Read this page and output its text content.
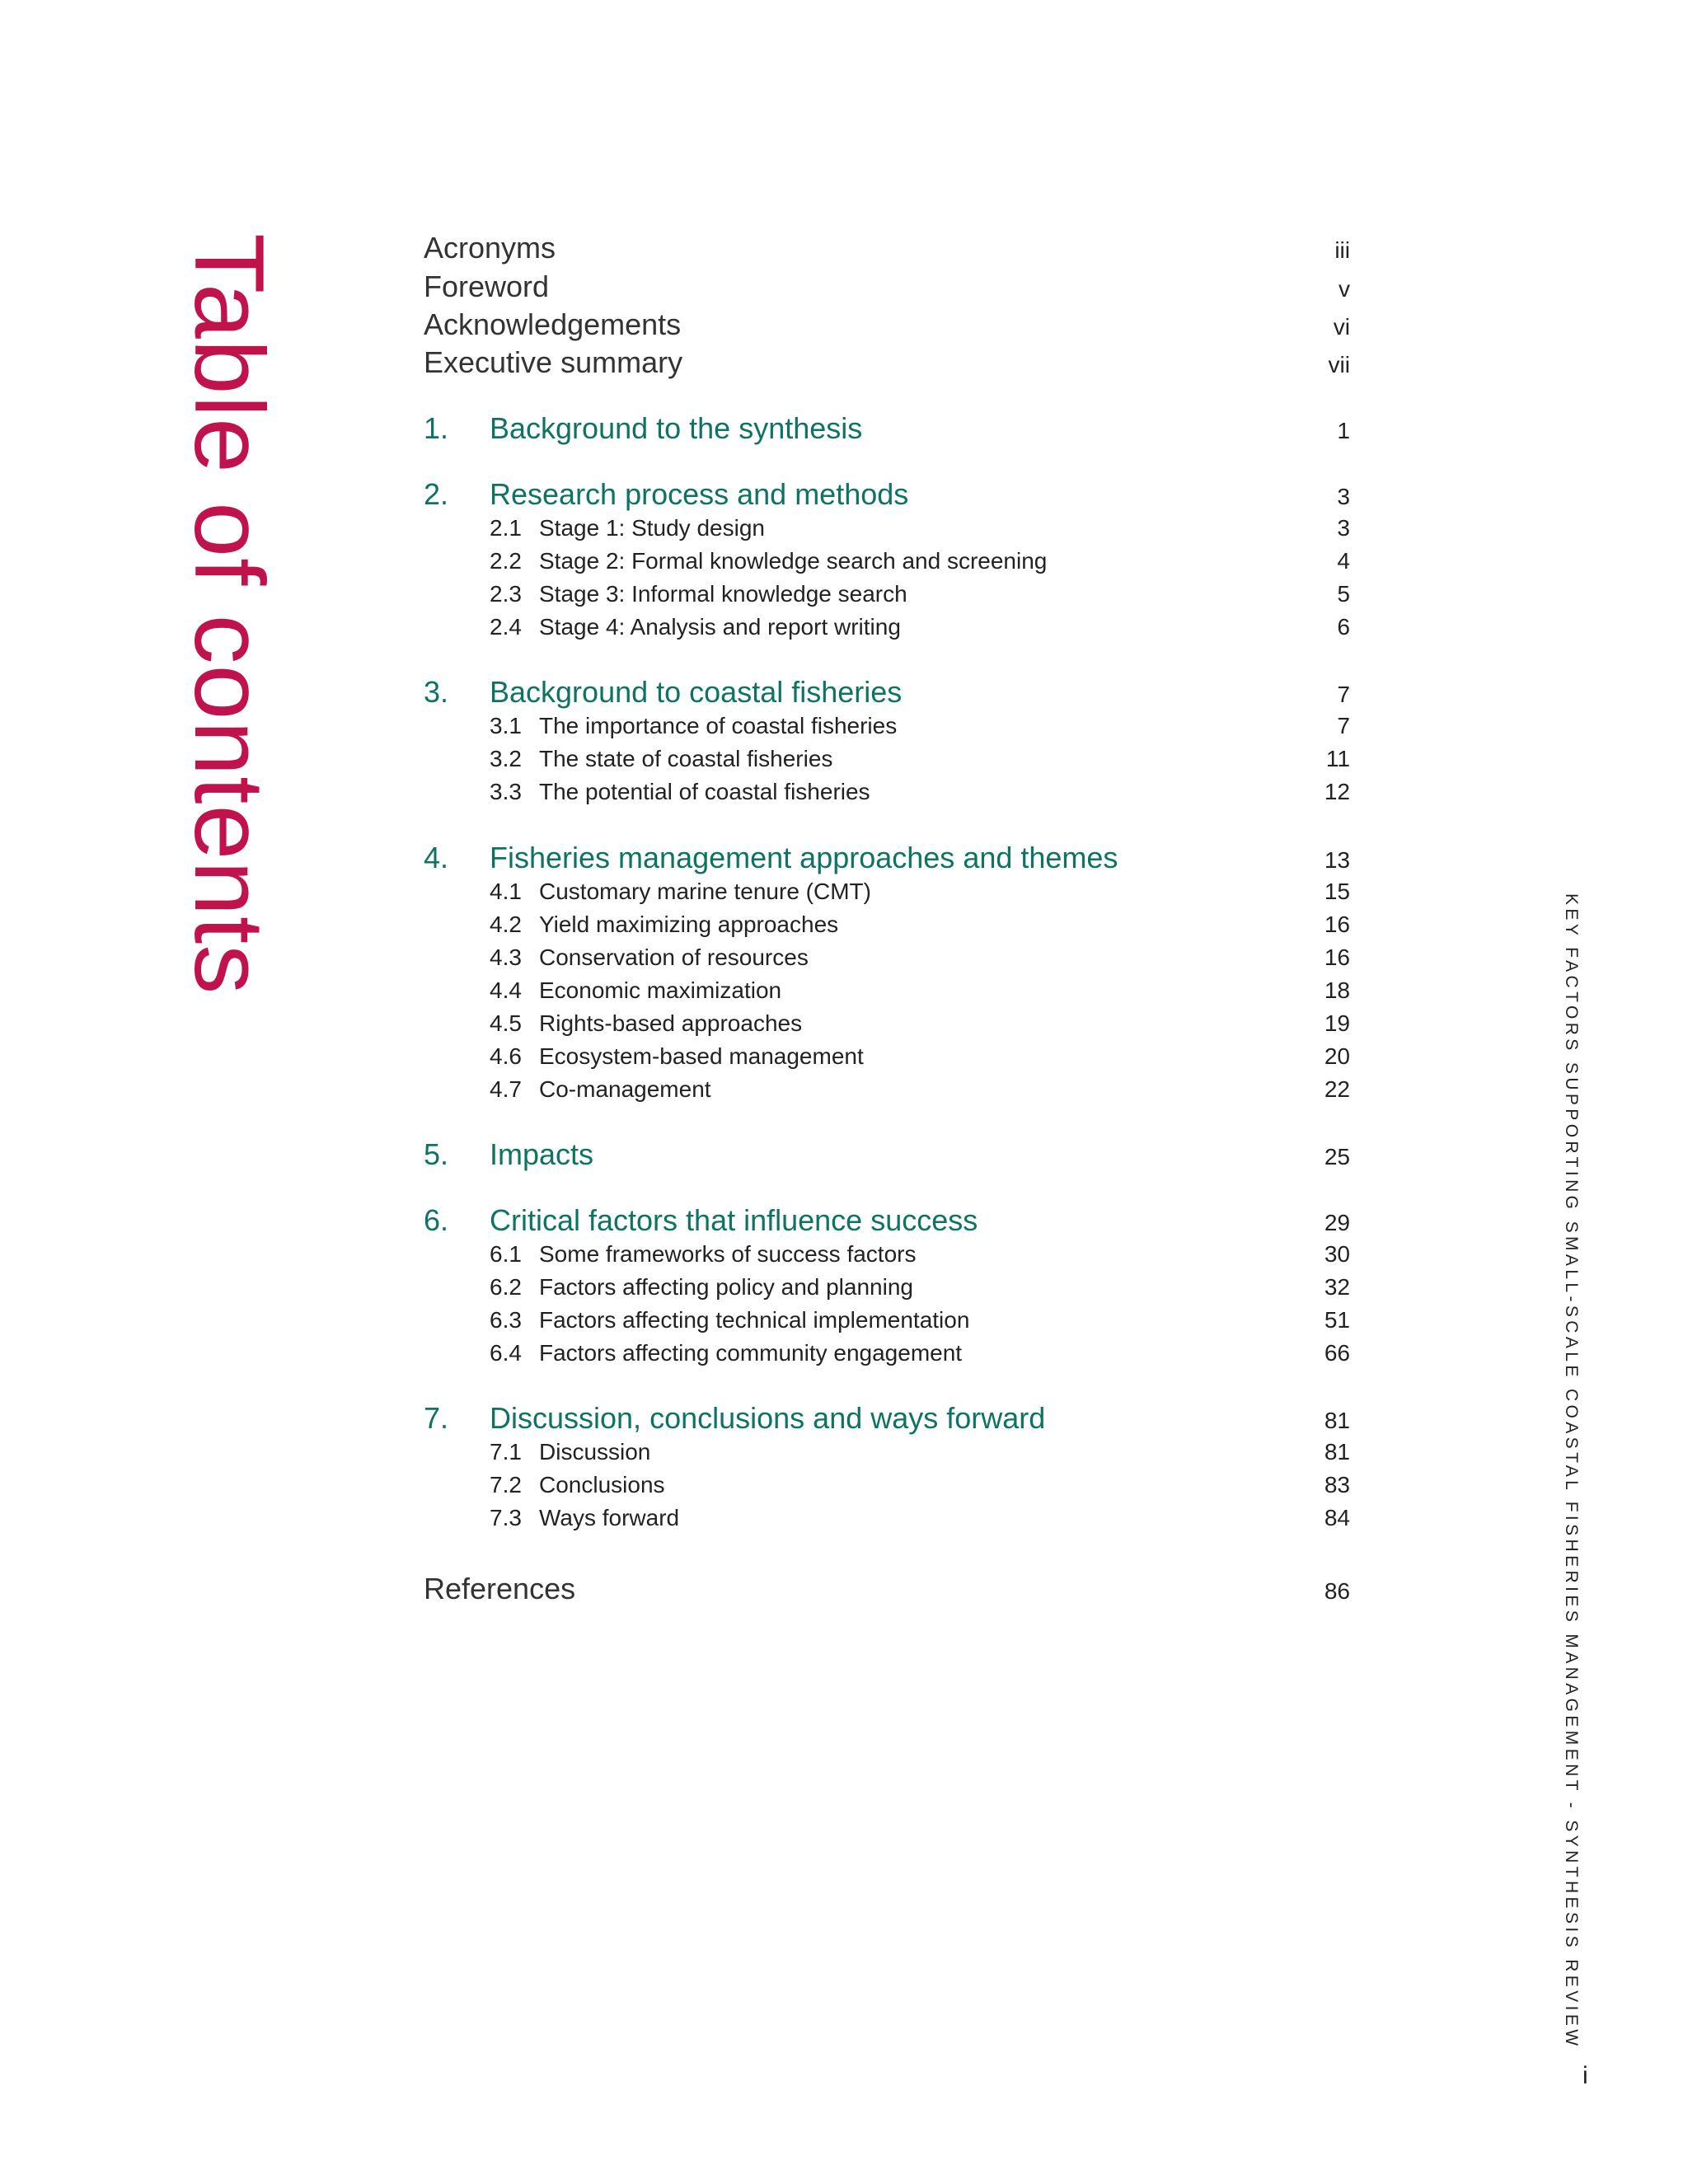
Table of contents	Acronyms	iii
Foreword	v
Acknowledgements	vi
Executive summary	vii
1. Background to the synthesis	1
2. Research process and methods	3
2.1 Stage 1: Study design	3
2.2 Stage 2: Formal knowledge search and screening	4
2.3 Stage 3: Informal knowledge search	5
2.4 Stage 4: Analysis and report writing	6
3. Background to coastal fisheries	7
3.1 The importance of coastal fisheries	7
3.2 The state of coastal fisheries	11
3.3 The potential of coastal fisheries	12
4. Fisheries management approaches and themes	13
4.1 Customary marine tenure (CMT)	15
4.2 Yield maximizing approaches	16
4.3 Conservation of resources	16
4.4 Economic maximization	18
4.5 Rights-based approaches	19
4.6 Ecosystem-based management	20
4.7 Co-management	22
5. Impacts	25
6. Critical factors that influence success	29
6.1 Some frameworks of success factors	30
6.2 Factors affecting policy and planning	32
6.3 Factors affecting technical implementation	51
6.4 Factors affecting community engagement	66
7. Discussion, conclusions and ways forward	81
7.1 Discussion	81
7.2 Conclusions	83
7.3 Ways forward	84
References	86	KEY FACTORS SUPPORTING SMALL-SCALE COASTAL FISHERIES MANAGEMENT - SYNTHESIS REVIEW
i
